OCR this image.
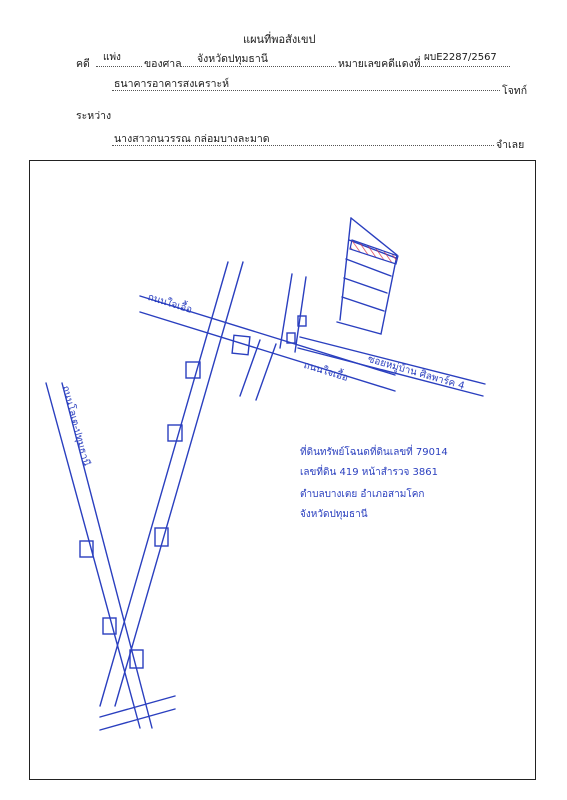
แผนที่พอสังเขป
คดี
แพ่ง
ของศาล จังหวัดปทุมธานี	หมายเลขคดีแดงที่
ผบE2287/2567
ธนาคารอาคารสงเคราะห์
โจทก์
ระหว่าง
นางสาวกนวรรณ กล่อมบางละมาด	จำเลย
ถนนใจเอื้อ
ถนนใจเอื้อ ซอยหมู่บ้าน ศิลพาร์ค 4
ถนนโลเต-ปทุมธานี	ที่ดินทรัพย์โฉนดที่ดินเลขที่ 79014
เลขที่ดิน 419 หน้าสำรวจ 3861
ตำบลบางเตย อำเภอสามโคก
จังหวัดปทุมธานี
